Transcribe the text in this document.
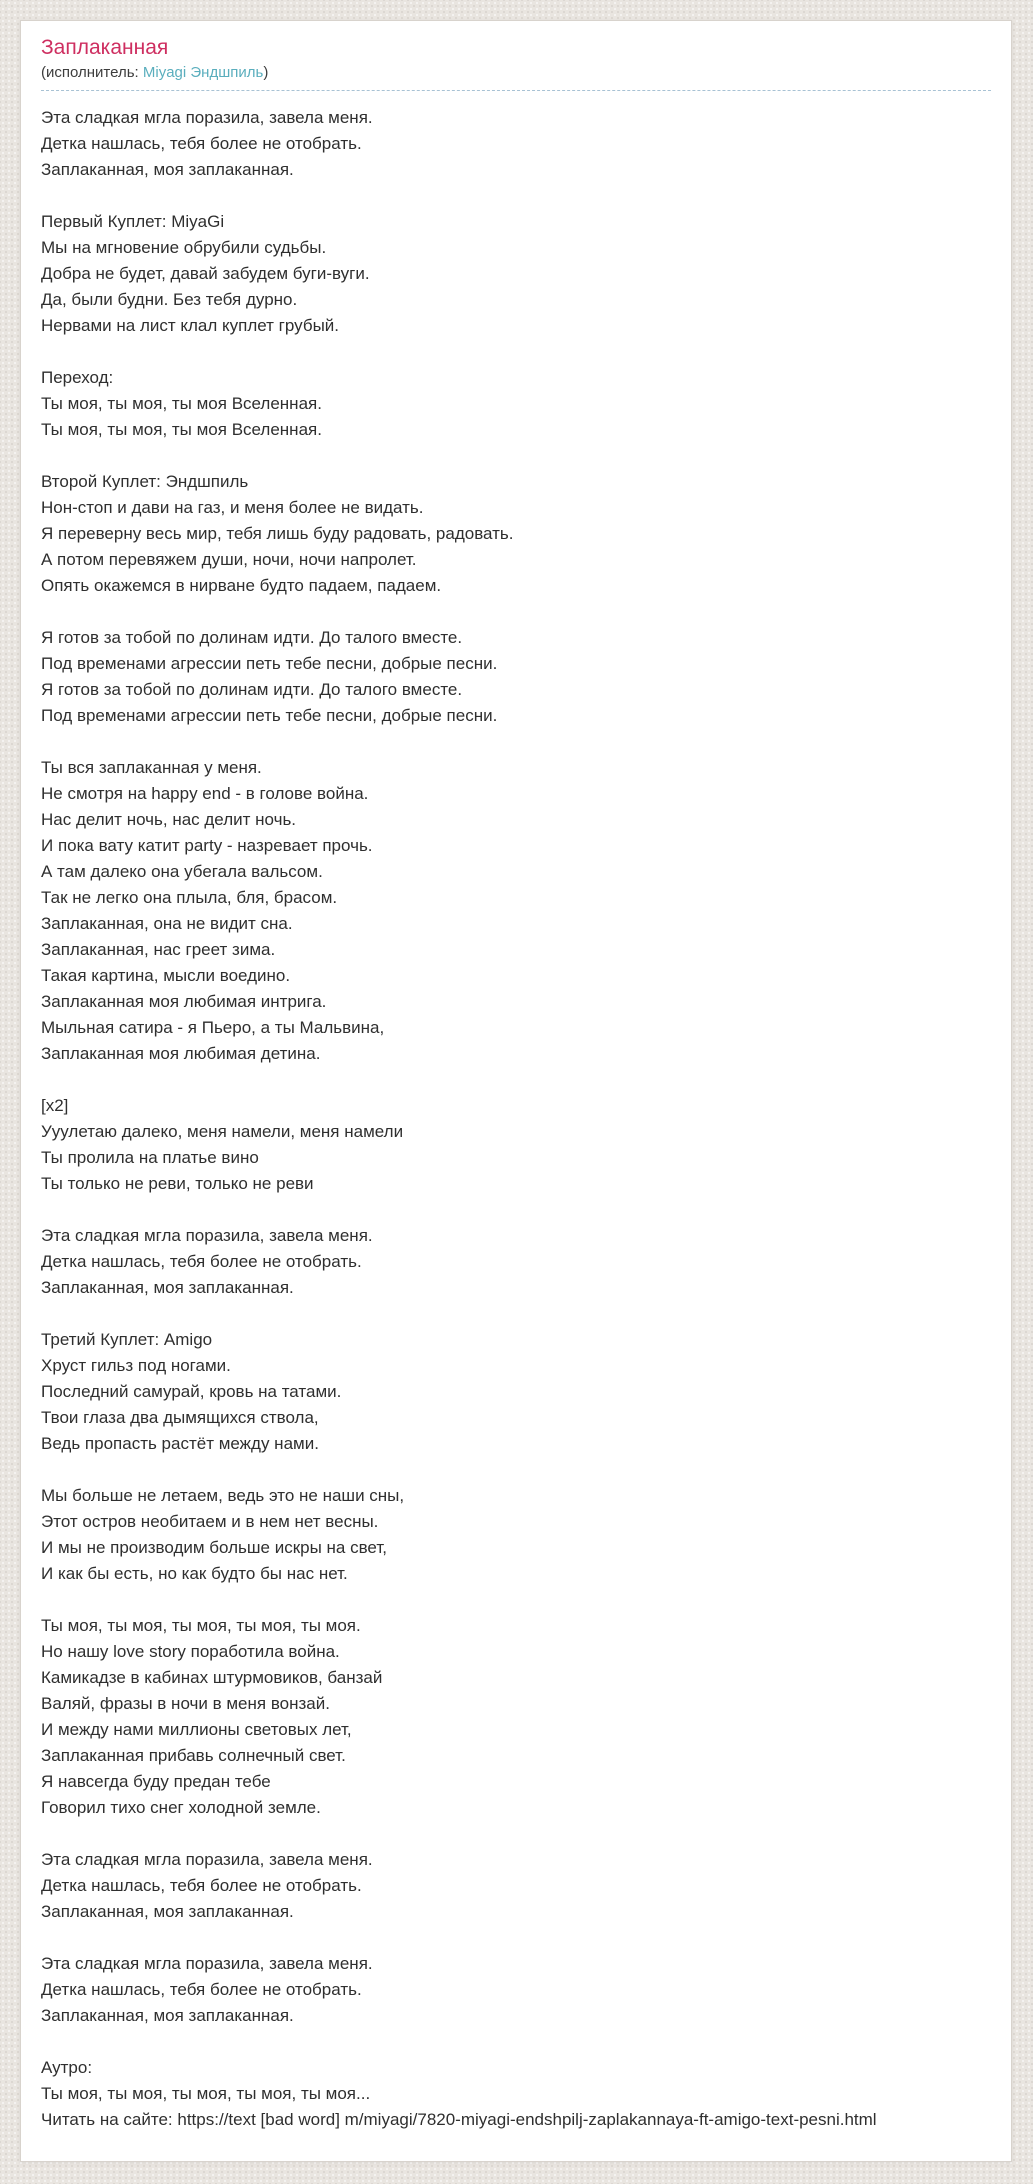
Заплаканная
(исполнитель: Miyagi Эндшпиль)

Эта сладкая мгла поразила, завела меня.
Детка нашлась, тебя более не отобрать.
Заплаканная, моя заплаканная.

Первый Куплет: MiyaGi
Мы на мгновение обрубили судьбы.
Добра не будет, давай забудем буги-вуги.
Да, были будни. Без тебя дурно.
Нервами на лист клал куплет грубый.

Переход:
Ты моя, ты моя, ты моя Вселенная.
Ты моя, ты моя, ты моя Вселенная.

Второй Куплет: Эндшпиль
Нон-стоп и дави на газ, и меня более не видать.
Я переверну весь мир, тебя лишь буду радовать, радовать.
А потом перевяжем души, ночи, ночи напролет.
Опять окажемся в нирване будто падаем, падаем.

Я готов за тобой по долинам идти. До талого вместе.
Под временами агрессии петь тебе песни, добрые песни.
Я готов за тобой по долинам идти. До талого вместе.
Под временами агрессии петь тебе песни, добрые песни.

Ты вся заплаканная у меня.
Не смотря на happy end - в голове война.
Нас делит ночь, нас делит ночь.
И пока вату катит party - назревает прочь.
А там далеко она убегала вальсом.
Так не легко она плыла, бля, брасом.
Заплаканная, она не видит сна.
Заплаканная, нас греет зима.
Такая картина, мысли воедино.
Заплаканная моя любимая интрига.
Мыльная сатира - я Пьеро, а ты Мальвина,
Заплаканная моя любимая детина.

[x2]
Ууулетаю далеко, меня намели, меня намели
Ты пролила на платье вино
Ты только не реви, только не реви

Эта сладкая мгла поразила, завела меня.
Детка нашлась, тебя более не отобрать.
Заплаканная, моя заплаканная.

Третий Куплет: Amigo
Хруст гильз под ногами.
Последний самурай, кровь на татами.
Твои глаза два дымящихся ствола,
Ведь пропасть растёт между нами.

Мы больше не летаем, ведь это не наши сны,
Этот остров необитаем и в нем нет весны.
И мы не производим больше искры на свет,
И как бы есть, но как будто бы нас нет.

Ты моя, ты моя, ты моя, ты моя, ты моя.
Но нашу love story поработила война.
Камикадзе в кабинах штурмовиков, банзай
Валяй, фразы в ночи в меня вонзай.
И между нами миллионы световых лет,
Заплаканная прибавь солнечный свет.
Я навсегда буду предан тебе
Говорил тихо снег холодной земле.

Эта сладкая мгла поразила, завела меня.
Детка нашлась, тебя более не отобрать.
Заплаканная, моя заплаканная.

Эта сладкая мгла поразила, завела меня.
Детка нашлась, тебя более не отобрать.
Заплаканная, моя заплаканная.

Аутро:
Ты моя, ты моя, ты моя, ты моя, ты моя...

Читать на сайте: https://text [bad word] m/miyagi/7820-miyagi-endshpilj-zaplakannaya-ft-amigo-text-pesni.html
